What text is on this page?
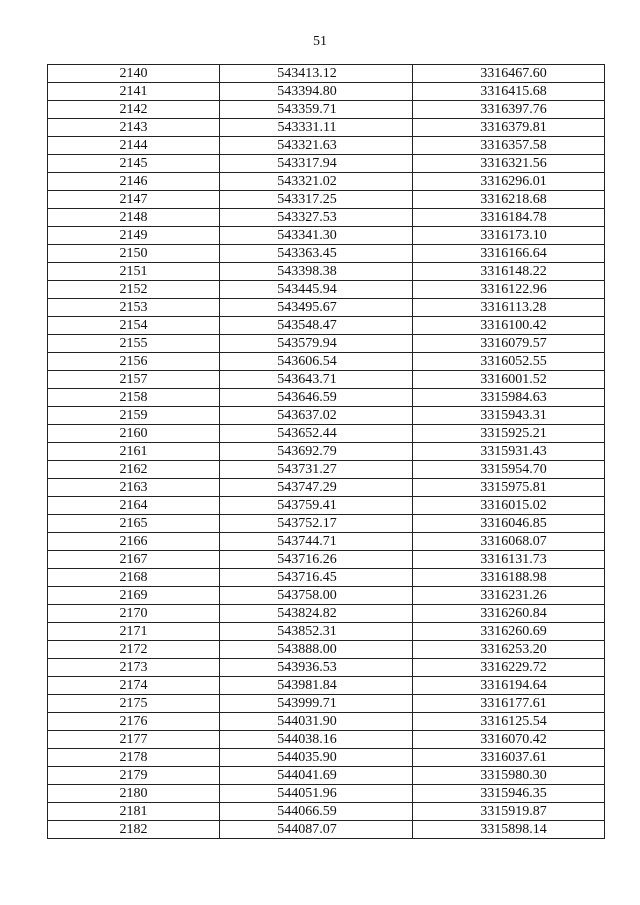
51
2140	543413.12	3316467.60
2141	543394.80	3316415.68
2142	543359.71	3316397.76
2143	543331.11	3316379.81
2144	543321.63	3316357.58
2145	543317.94	3316321.56
2146	543321.02	3316296.01
2147	543317.25	3316218.68
2148	543327.53	3316184.78
2149	543341.30	3316173.10
2150	543363.45	3316166.64
2151	543398.38	3316148.22
2152	543445.94	3316122.96
2153	543495.67	3316113.28
2154	543548.47	3316100.42
2155	543579.94	3316079.57
2156	543606.54	3316052.55
2157	543643.71	3316001.52
2158	543646.59	3315984.63
2159	543637.02	3315943.31
2160	543652.44	3315925.21
2161	543692.79	3315931.43
2162	543731.27	3315954.70
2163	543747.29	3315975.81
2164	543759.41	3316015.02
2165	543752.17	3316046.85
2166	543744.71	3316068.07
2167	543716.26	3316131.73
2168	543716.45	3316188.98
2169	543758.00	3316231.26
2170	543824.82	3316260.84
2171	543852.31	3316260.69
2172	543888.00	3316253.20
2173	543936.53	3316229.72
2174	543981.84	3316194.64
2175	543999.71	3316177.61
2176	544031.90	3316125.54
2177	544038.16	3316070.42
2178	544035.90	3316037.61
2179	544041.69	3315980.30
2180	544051.96	3315946.35
2181	544066.59	3315919.87
2182	544087.07	3315898.14
